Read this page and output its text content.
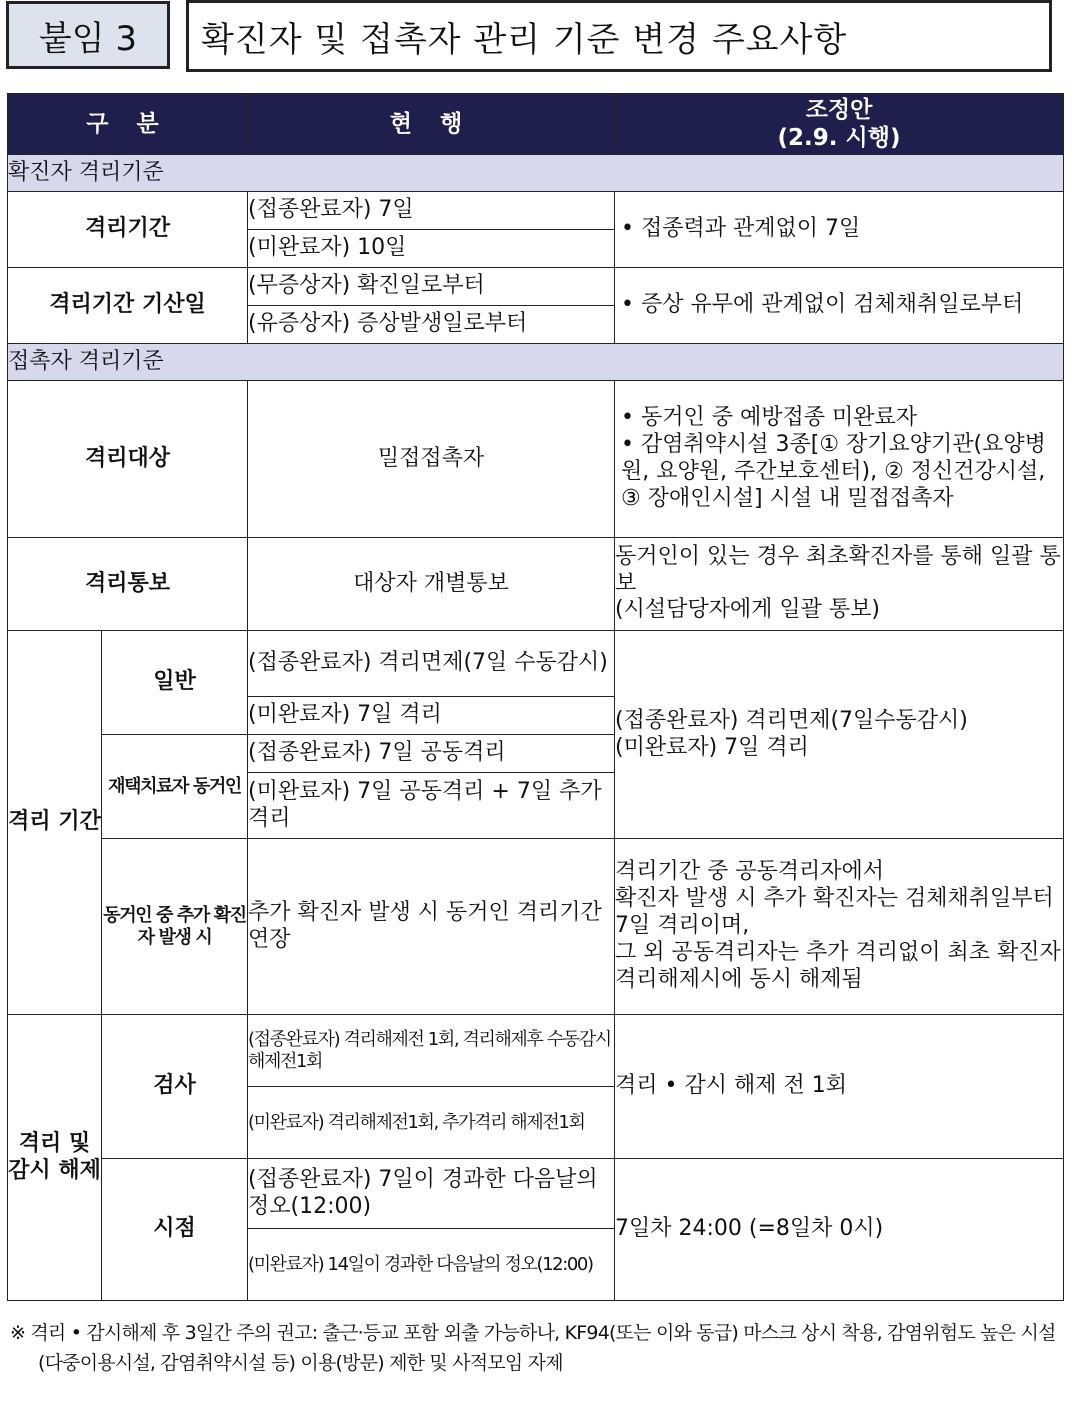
붙임 3	확진자 및 접촉자 관리 기준 변경 주요사항
구 분		현 행	조정안
(2.9. 시행)

확진자 격리기준			
격리기간		(접종완료자) 7일	• 접종력과 관계없이 7일
		(미완료자) 10일	
격리기간 기산일		(무증상자) 확진일로부터	• 증상 유무에 관계없이 검체채취일로부터
		(유증상자) 증상발생일로부터	
접촉자 격리기준			
격리대상		밀접접촉자	• 동거인 중 예방접종 미완료자
• 감염취약시설 3종[① 장기요양기관(요양병원, 요양원, 주간보호센터), ② 정신건강시설, ③ 장애인시설] 시설 내 밀접접촉자

격리통보		대상자 개별통보	동거인이 있는 경우 최초확진자를 통해 일괄 통보
(시설담당자에게 일괄 통보)

격리 기간	일반	(접종완료자) 격리면제(7일 수동감시)	(접종완료자) 격리면제(7일수동감시)
(미완료자) 7일 격리

		(미완료자) 7일 격리	
	재택치료자 동거인	(접종완료자) 7일 공동격리	
		(미완료자) 7일 공동격리 + 7일 추가격리	
	동거인 중 추가 확진자 발생 시	추가 확진자 발생 시 동거인 격리기간 연장	격리기간 중 공동격리자에서
확진자 발생 시 추가 확진자는 검체채취일부터 7일 격리이며,
그 외 공동격리자는 추가 격리없이 최초 확진자 격리해제시에 동시 해제됨

격리 및 감시 해제	검사	(접종완료자) 격리해제전 1회, 격리해제후 수동감시해제전1회	격리 • 감시 해제 전 1회
		(미완료자) 격리해제전1회, 추가격리 해제전1회	
	시점	(접종완료자) 7일이 경과한 다음날의 정오(12:00)	7일차 24:00 (=8일차 0시)
		(미완료자) 14일이 경과한 다음날의 정오(12:00)	
※ 격리 • 감시해제 후 3일간 주의 권고: 출근·등교 포함 외출 가능하나, KF94(또는 이와 동급) 마스크 상시 착용, 감염위험도 높은 시설
(다중이용시설, 감염취약시설 등) 이용(방문) 제한 및 사적모임 자제
